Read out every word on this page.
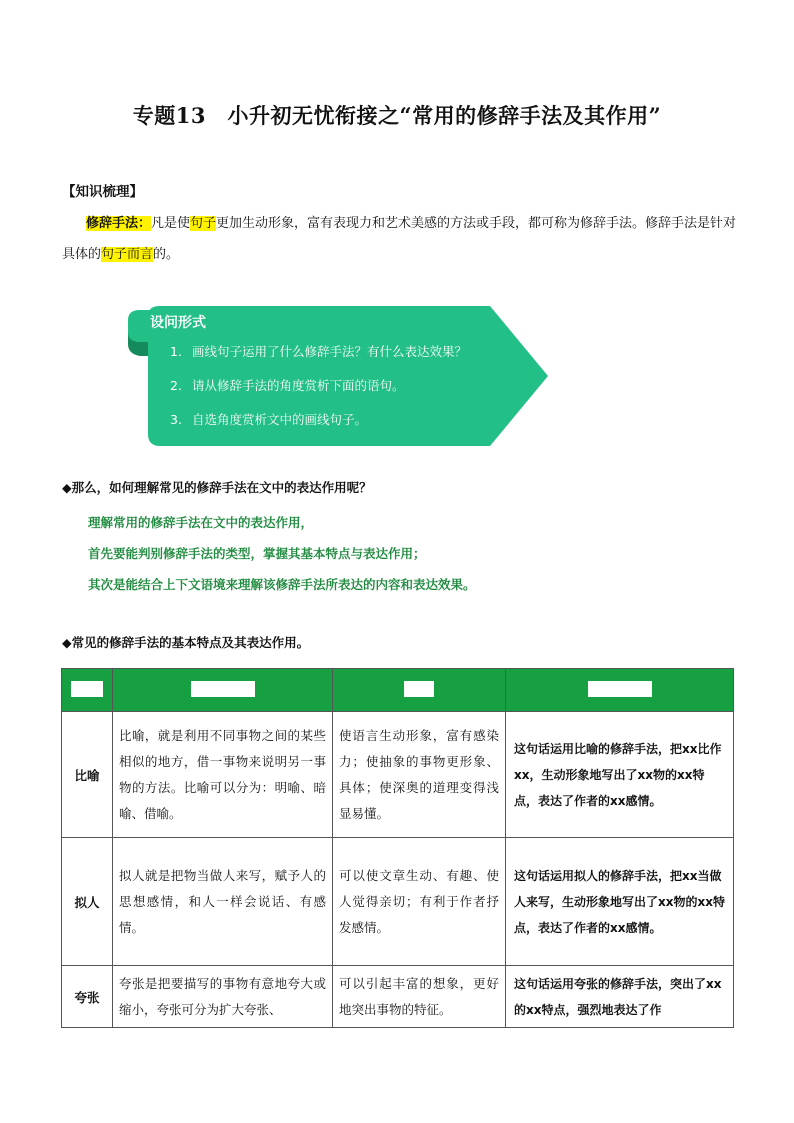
专题13　小升初无忧衔接之“常用的修辞手法及其作用”
【知识梳理】
修辞手法：凡是使句子更加生动形象，富有表现力和艺术美感的方法或手段，都可称为修辞手法。修辞手法是针对具体的句子而言的。
设问形式
1. 画线句子运用了什么修辞手法？有什么表达效果？
2. 请从修辞手法的角度赏析下面的语句。
3. 自选角度赏析文中的画线句子。
◆那么，如何理解常见的修辞手法在文中的表达作用呢？
理解常用的修辞手法在文中的表达作用，
首先要能判别修辞手法的类型，掌握其基本特点与表达作用；
其次是能结合上下文语境来理解该修辞手法所表达的内容和表达效果。
◆常见的修辞手法的基本特点及其表达作用。

比喻	比喻，就是利用不同事物之间的某些相似的地方，借一事物来说明另一事物的方法。比喻可以分为：明喻、暗喻、借喻。	使语言生动形象，富有感染力；使抽象的事物更形象、具体；使深奥的道理变得浅显易懂。	这句话运用比喻的修辞手法，把xx比作xx，生动形象地写出了xx物的xx特点，表达了作者的xx感情。
拟人	拟人就是把物当做人来写，赋予人的思想感情，和人一样会说话、有感情。	可以使文章生动、有趣、使人觉得亲切；有利于作者抒发感情。	这句话运用拟人的修辞手法，把xx当做人来写，生动形象地写出了xx物的xx特点，表达了作者的xx感情。
夸张	夸张是把要描写的事物有意地夸大或缩小，夸张可分为扩大夸张、	可以引起丰富的想象，更好地突出事物的特征。	这句话运用夸张的修辞手法，突出了xx的xx特点，强烈地表达了作
